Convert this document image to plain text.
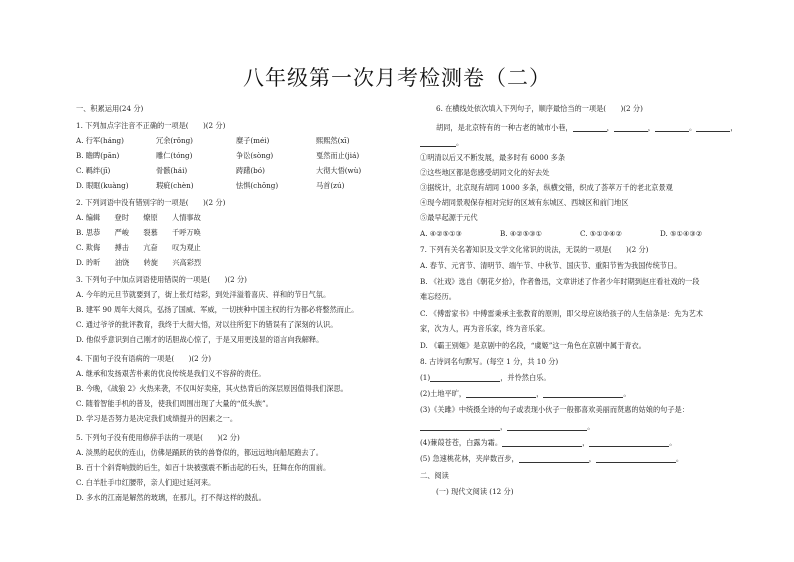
八年级第一次月考检测卷（二）
一、积累运用(24 分)
1. 下列加点字注音不正确的一项是(　　)(2 分)
A. 行军(háng)	冗余(rǒng)	糜子(méi)	熙熙然(xī)
B. 瞻睥(pān)	雕仁(tóng)	争讼(sòng)	戛然而止(jiá)
C. 羁绊(jī)	骨骸(hái)	踌躇(bó)	大彻大悟(wù)
D. 眼眶(kuàng)	瑕疵(chèn)	怯惧(chōng)	马首(zú)
2. 下列词语中没有错别字的一项是(　　)(2 分)
A. 编辑　　登时　　燎原　　人情事故
B. 思恭　　严峻　　裂慕　　千呼万唤
C. 欺侮　　搏击　　亢奋　　叹为观止
D. 昑昕　　油饶　　转旋　　兴高彩烈
3. 下列句子中加点词语使用错误的一项是(　　)(2 分)
A. 今年的元旦节就要到了，街上张灯结彩，到处洋溢着喜庆、祥和的节日气氛。
B. 建军 90 周年大阅兵，弘扬了国威、军威，一切挟种中国主权的行为都必将整然而止。
C. 通过爷爷的批评教育，我终于大彻大悟，对以往所犯下的错误有了深刻的认识。
D. 他似乎意识到自己刚才的话胆战心惊了，于是又用更浅显的语言向我解释。
4. 下面句子没有语病的一项是(　　)(2 分)
A. 继承和发扬艰苦朴素的优良传统是我们义不容辞的责任。
B. 今晚，《战狼 2》火热来袭，不仅叫好卖座，其火热背后的深层原因值得我们深思。
C. 随着智能手机的普及，使我们周围出现了大量的“低头族”。
D. 学习是否努力是决定我们成绩提升的因素之一。
5. 下列句子没有使用修辞手法的一项是(　　)(2 分)
A. 淡黑的起伏的连山，仿佛是踊跃的铁的兽脊似的，都远远地向船尾跑去了。
B. 百十个斜背响鼓的后生，如百十块被强震不断击起的石头，狂舞在你的面前。
C. 白羊肚手巾红腰带，亲人们迎过延河来。
D. 多水的江南是解然的玻璃，在那儿，打不得这样的鼓乱。
6. 在横线处依次填入下列句子，顺序最恰当的一项是(　　)(2 分)
胡同，是北京特有的一种古老的城市小巷，	，	，	。	，
。
①明清以后又不断发展，最多时有 6000 多条
②这些地区都是您感受胡同文化的好去处
③据统计，北京现有胡同 1000 多条，纵横交错，织成了荟萃万千的老北京景观
④现今胡同景观保存相对完好的区域有东城区、西城区和前门地区
⑤最早起源于元代
A. ④②⑤①③	B. ④②⑤③①	C. ⑤①③④②	D. ⑤①④③②
7. 下列有关名著知识及文学文化常识的说法，无误的一项是(　　)(2 分)
A. 春节、元宵节、清明节、端午节、中秋节、国庆节、重阳节皆为我国传统节日。
B. 《社戏》选自《朝花夕拾》，作者鲁迅，文章讲述了作者少年时期到赵庄看社戏的一段
难忘经历。
C. 《傅雷家书》中傅雷秉承主张教育的原则，即父母应该给孩子的人生信条是：先为艺术
家，次为人，再为音乐家，终为音乐家。
D. 《霸王别姬》是京剧中的名段，“虞姬”这一角色在京剧中属于青衣。
8. 古诗词名句默写。(每空 1 分，共 10 分)
(1)	，并怜然白乐。
(2)土地平旷，	，	。
(3)《关雎》中统摄全诗的句子或表现小伙子一般都喜欢美丽而贤惠的姑娘的句子是：
，	。
(4)蒹葭苍苍，白露为霜。	，	。
(5) 急速桃花林，夹岸数百步，	，	。
二、阅读
(一) 现代文阅读 (12 分)
